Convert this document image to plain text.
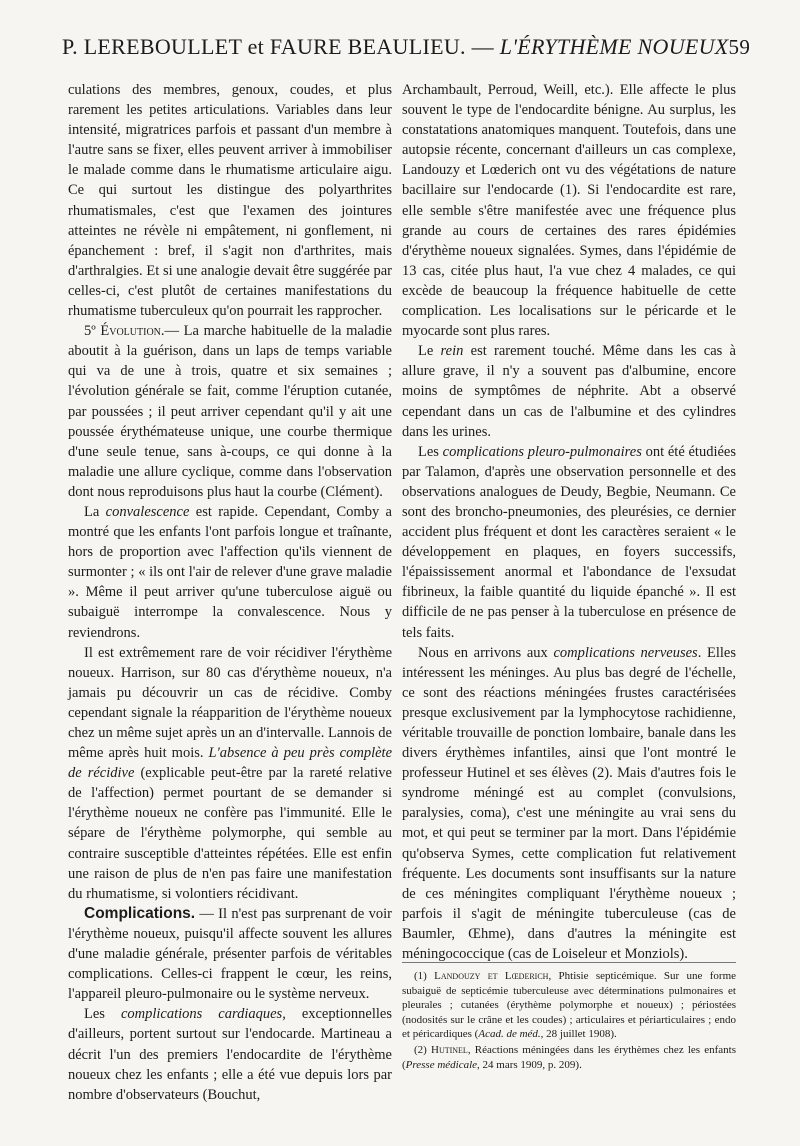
P. LEREBOULLET et FAURE BEAULIEU. — L'ÉRYTHÈME NOUEUX 59

culations des membres, genoux, coudes, et plus rarement les petites articulations. Variables dans leur intensité, migratrices parfois et passant d'un membre à l'autre sans se fixer, elles peuvent arriver à immobiliser le malade comme dans le rhumatisme articulaire aigu. Ce qui surtout les distingue des polyarthrites rhumatismales, c'est que l'examen des jointures atteintes ne révèle ni empâtement, ni gonflement, ni épanchement : bref, il s'agit non d'arthrites, mais d'arthralgies. Et si une analogie devait être suggérée par celles-ci, c'est plutôt de certaines manifestations du rhumatisme tuberculeux qu'on pourrait les rapprocher.

5º Évolution.— La marche habituelle de la maladie aboutit à la guérison, dans un laps de temps variable qui va de une à trois, quatre et six semaines ; l'évolution générale se fait, comme l'éruption cutanée, par poussées ; il peut arriver cependant qu'il y ait une poussée érythémateuse unique, une courbe thermique d'une seule tenue, sans à-coups, ce qui donne à la maladie une allure cyclique, comme dans l'observation dont nous reproduisons plus haut la courbe (Clément).

La convalescence est rapide. Cependant, Comby a montré que les enfants l'ont parfois longue et traînante, hors de proportion avec l'affection qu'ils viennent de surmonter ; « ils ont l'air de relever d'une grave maladie ». Même il peut arriver qu'une tuberculose aiguë ou subaiguë interrompe la convalescence. Nous y reviendrons.

Il est extrêmement rare de voir récidiver l'érythème noueux. Harrison, sur 80 cas d'érythème noueux, n'a jamais pu découvrir un cas de récidive. Comby cependant signale la réapparition de l'érythème noueux chez un même sujet après un an d'intervalle. Lannois de même après huit mois. L'absence à peu près complète de récidive (explicable peut-être par la rareté relative de l'affection) permet pourtant de se demander si l'érythème noueux ne confère pas l'immunité. Elle le sépare de l'érythème polymorphe, qui semble au contraire susceptible d'atteintes répétées. Elle est enfin une raison de plus de n'en pas faire une manifestation du rhumatisme, si volontiers récidivant.

Complications. — Il n'est pas surprenant de voir l'érythème noueux, puisqu'il affecte souvent les allures d'une maladie générale, présenter parfois de véritables complications. Celles-ci frappent le cœur, les reins, l'appareil pleuro-pulmonaire ou le système nerveux.

Les complications cardiaques, exceptionnelles d'ailleurs, portent surtout sur l'endocarde. Martineau a décrit l'un des premiers l'endocardite de l'érythème noueux chez les enfants ; elle a été vue depuis lors par nombre d'observateurs (Bouchut,

Archambault, Perroud, Weill, etc.). Elle affecte le plus souvent le type de l'endocardite bénigne. Au surplus, les constatations anatomiques manquent. Toutefois, dans une autopsie récente, concernant d'ailleurs un cas complexe, Landouzy et Lœderich ont vu des végétations de nature bacillaire sur l'endocarde (1). Si l'endocardite est rare, elle semble s'être manifestée avec une fréquence plus grande au cours de certaines des rares épidémies d'érythème noueux signalées. Symes, dans l'épidémie de 13 cas, citée plus haut, l'a vue chez 4 malades, ce qui excède de beaucoup la fréquence habituelle de cette complication. Les localisations sur le péricarde et le myocarde sont plus rares.

Le rein est rarement touché. Même dans les cas à allure grave, il n'y a souvent pas d'albumine, encore moins de symptômes de néphrite. Abt a observé cependant dans un cas de l'albumine et des cylindres dans les urines.

Les complications pleuro-pulmonaires ont été étudiées par Talamon, d'après une observation personnelle et des observations analogues de Deudy, Begbie, Neumann. Ce sont des broncho-pneumonies, des pleurésies, ce dernier accident plus fréquent et dont les caractères seraient « le développement en plaques, en foyers successifs, l'épaississement anormal et l'abondance de l'exsudat fibrineux, la faible quantité du liquide épanché ». Il est difficile de ne pas penser à la tuberculose en présence de tels faits.

Nous en arrivons aux complications nerveuses. Elles intéressent les méninges. Au plus bas degré de l'échelle, ce sont des réactions méningées frustes caractérisées presque exclusivement par la lymphocytose rachidienne, véritable trouvaille de ponction lombaire, banale dans les divers érythèmes infantiles, ainsi que l'ont montré le professeur Hutinel et ses élèves (2). Mais d'autres fois le syndrome méningé est au complet (convulsions, paralysies, coma), c'est une méningite au vrai sens du mot, et qui peut se terminer par la mort. Dans l'épidémie qu'observa Symes, cette complication fut relativement fréquente. Les documents sont insuffisants sur la nature de ces méningites compliquant l'érythème noueux ; parfois il s'agit de méningite tuberculeuse (cas de Baumler, Œhme), dans d'autres la méningite est méningococcique (cas de Loiseleur et Monziols).

(1) Landouzy et Lœderich, Phtisie septicémique. Sur une forme subaiguë de septicémie tuberculeuse avec déterminations pulmonaires et pleurales ; cutanées (érythème polymorphe et noueux) ; périostées (nodosités sur le crâne et les coudes) ; articulaires et périarticulaires ; endo et péricardiques (Acad. de méd., 28 juillet 1908).

(2) Hutinel, Réactions méningées dans les érythèmes chez les enfants (Presse médicale, 24 mars 1909, p. 209).
